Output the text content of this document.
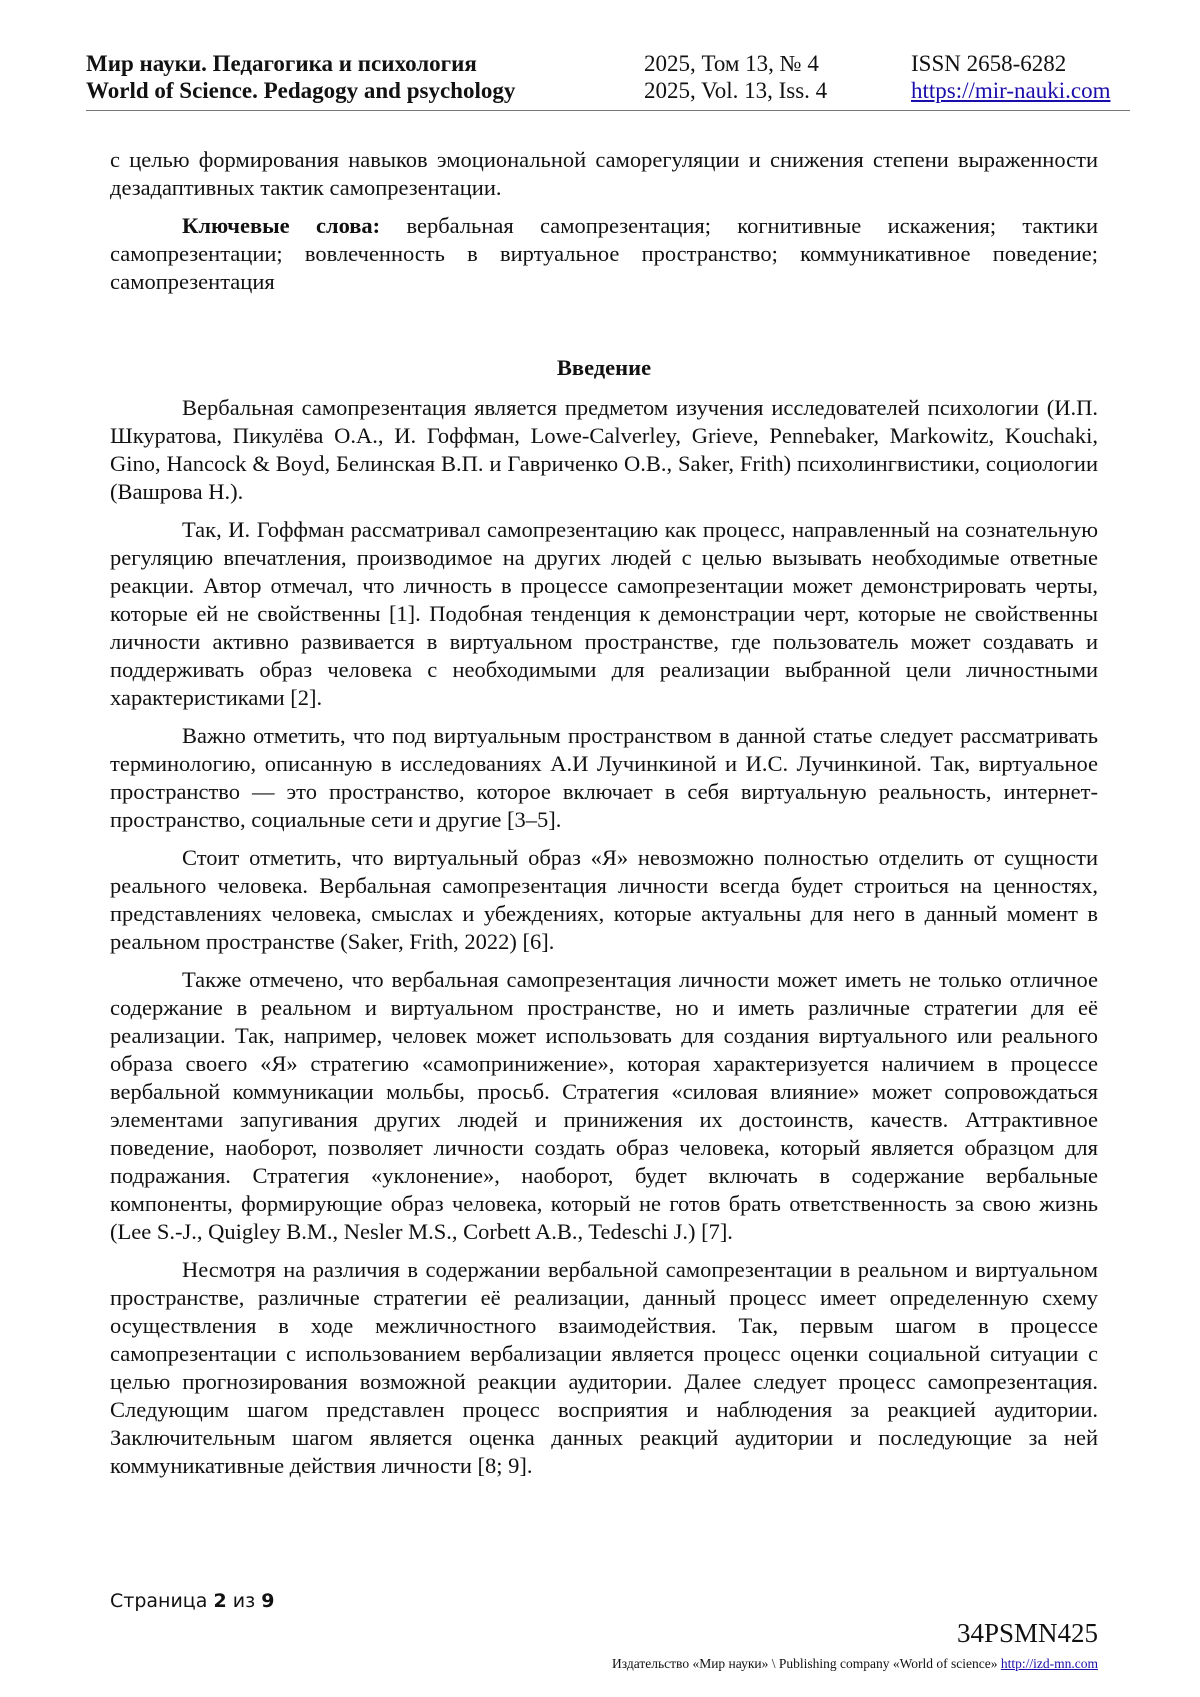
Мир науки. Педагогика и психология
World of Science. Pedagogy and psychology
2025, Том 13, № 4
2025, Vol. 13, Iss. 4
ISSN 2658-6282
https://mir-nauki.com

с целью формирования навыков эмоциональной саморегуляции и снижения степени выраженности дезадаптивных тактик самопрезентации.

Ключевые слова: вербальная самопрезентация; когнитивные искажения; тактики самопрезентации; вовлеченность в виртуальное пространство; коммуникативное поведение; самопрезентация

Введение

Вербальная самопрезентация является предметом изучения исследователей психологии (И.П. Шкуратова, Пикулёва О.А., И. Гоффман, Lowe-Calverley, Grieve, Pennebaker, Markowitz, Kouchaki, Gino, Hancock & Boyd, Белинская В.П. и Гавриченко О.В., Saker, Frith) психолингвистики, социологии (Вашрова Н.).

Так, И. Гоффман рассматривал самопрезентацию как процесс, направленный на сознательную регуляцию впечатления, производимое на других людей с целью вызывать необходимые ответные реакции. Автор отмечал, что личность в процессе самопрезентации может демонстрировать черты, которые ей не свойственны [1]. Подобная тенденция к демонстрации черт, которые не свойственны личности активно развивается в виртуальном пространстве, где пользователь может создавать и поддерживать образ человека с необходимыми для реализации выбранной цели личностными характеристиками [2].

Важно отметить, что под виртуальным пространством в данной статье следует рассматривать терминологию, описанную в исследованиях А.И Лучинкиной и И.С. Лучинкиной. Так, виртуальное пространство — это пространство, которое включает в себя виртуальную реальность, интернет-пространство, социальные сети и другие [3–5].

Стоит отметить, что виртуальный образ «Я» невозможно полностью отделить от сущности реального человека. Вербальная самопрезентация личности всегда будет строиться на ценностях, представлениях человека, смыслах и убеждениях, которые актуальны для него в данный момент в реальном пространстве (Saker, Frith, 2022) [6].

Также отмечено, что вербальная самопрезентация личности может иметь не только отличное содержание в реальном и виртуальном пространстве, но и иметь различные стратегии для её реализации. Так, например, человек может использовать для создания виртуального или реального образа своего «Я» стратегию «самопринижение», которая характеризуется наличием в процессе вербальной коммуникации мольбы, просьб. Стратегия «силовая влияние» может сопровождаться элементами запугивания других людей и принижения их достоинств, качеств. Аттрактивное поведение, наоборот, позволяет личности создать образ человека, который является образцом для подражания. Стратегия «уклонение», наоборот, будет включать в содержание вербальные компоненты, формирующие образ человека, который не готов брать ответственность за свою жизнь (Lee S.-J., Quigley B.M., Nesler M.S., Corbett A.B., Tedeschi J.) [7].

Несмотря на различия в содержании вербальной самопрезентации в реальном и виртуальном пространстве, различные стратегии её реализации, данный процесс имеет определенную схему осуществления в ходе межличностного взаимодействия. Так, первым шагом в процессе самопрезентации с использованием вербализации является процесс оценки социальной ситуации с целью прогнозирования возможной реакции аудитории. Далее следует процесс самопрезентация. Следующим шагом представлен процесс восприятия и наблюдения за реакцией аудитории. Заключительным шагом является оценка данных реакций аудитории и последующие за ней коммуникативные действия личности [8; 9].

Страница 2 из 9
34PSMN425
Издательство «Мир науки» \ Publishing company «World of science» http://izd-mn.com
